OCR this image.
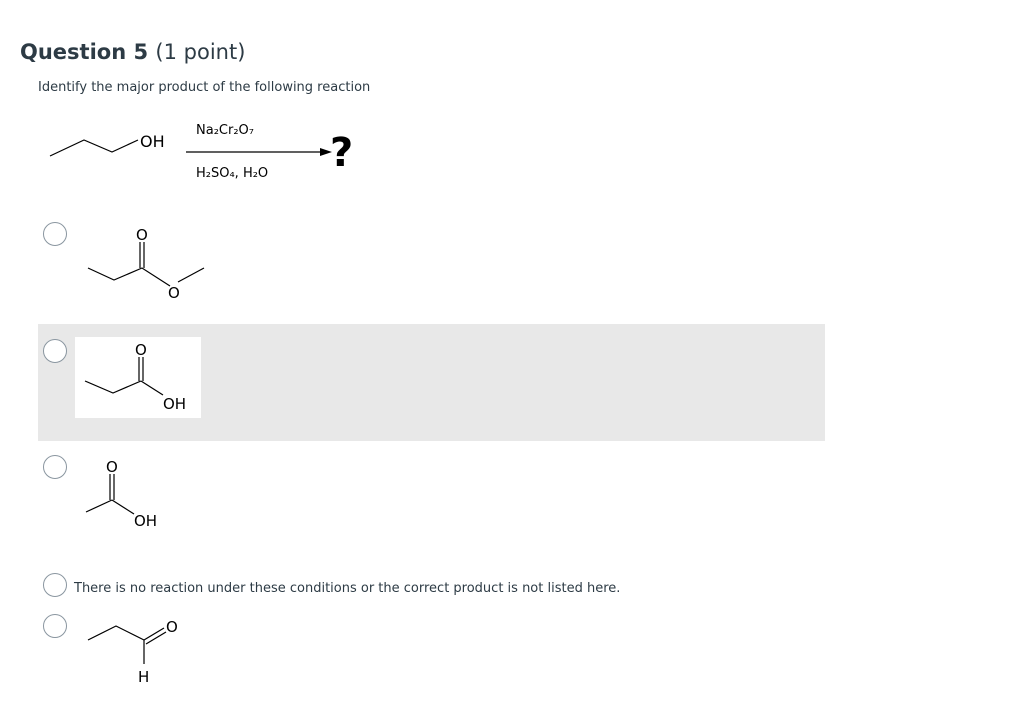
Question 5 (1 point)
Identify the major product of the following reaction
OH
Na₂Cr₂O₇
H₂SO₄, H₂O ?
O
O
O
OH
O
OH
There is no reaction under these conditions or the correct product is not listed here.
O
H
